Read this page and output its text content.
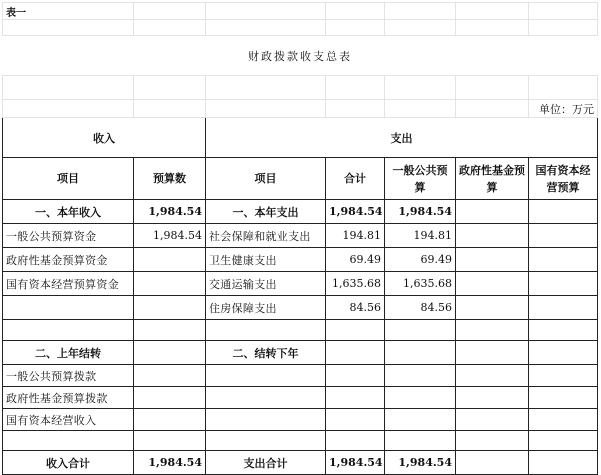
表一						

财政拨款收支总表						

						单位：万元
收入		支出				
项目	预算数	项目	合计	一般公共预算	政府性基金预算	国有资本经营预算
一、本年收入	1,984.54	一、本年支出	1,984.54	1,984.54		
一般公共预算资金	1,984.54	社会保障和就业支出	194.81	194.81		
政府性基金预算资金		卫生健康支出	69.49	69.49		
国有资本经营预算资金		交通运输支出	1,635.68	1,635.68		
		住房保障支出	84.56	84.56		

二、上年结转		二、结转下年				
一般公共预算拨款						
政府性基金预算拨款						
国有资本经营收入						

收入合计	1,984.54	支出合计	1,984.54	1,984.54		
